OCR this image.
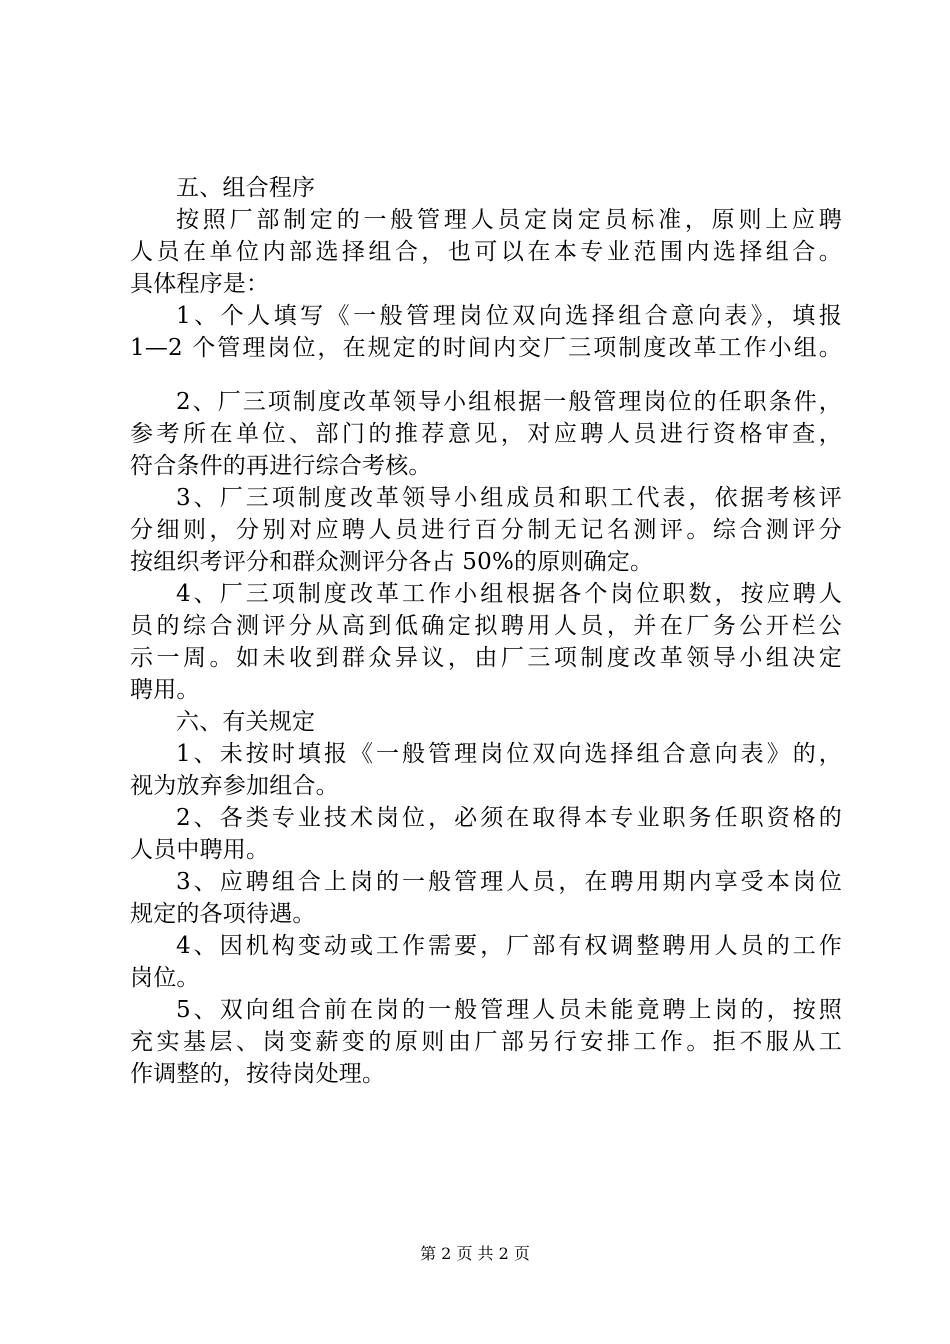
五、组合程序
按照厂部制定的一般管理人员定岗定员标准，原则上应聘
人员在单位内部选择组合，也可以在本专业范围内选择组合。
具体程序是：
1、个人填写《一般管理岗位双向选择组合意向表》，填报
1—2 个管理岗位，在规定的时间内交厂三项制度改革工作小组。
2、厂三项制度改革领导小组根据一般管理岗位的任职条件，
参考所在单位、部门的推荐意见，对应聘人员进行资格审查，
符合条件的再进行综合考核。
3、厂三项制度改革领导小组成员和职工代表，依据考核评
分细则，分别对应聘人员进行百分制无记名测评。综合测评分
按组织考评分和群众测评分各占 50%的原则确定。
4、厂三项制度改革工作小组根据各个岗位职数，按应聘人
员的综合测评分从高到低确定拟聘用人员，并在厂务公开栏公
示一周。如未收到群众异议，由厂三项制度改革领导小组决定
聘用。
六、有关规定
1、未按时填报《一般管理岗位双向选择组合意向表》的，
视为放弃参加组合。
2、各类专业技术岗位，必须在取得本专业职务任职资格的
人员中聘用。
3、应聘组合上岗的一般管理人员，在聘用期内享受本岗位
规定的各项待遇。
4、因机构变动或工作需要，厂部有权调整聘用人员的工作
岗位。
5、双向组合前在岗的一般管理人员未能竟聘上岗的，按照
充实基层、岗变薪变的原则由厂部另行安排工作。拒不服从工
作调整的，按待岗处理。
第 2 页 共 2 页
